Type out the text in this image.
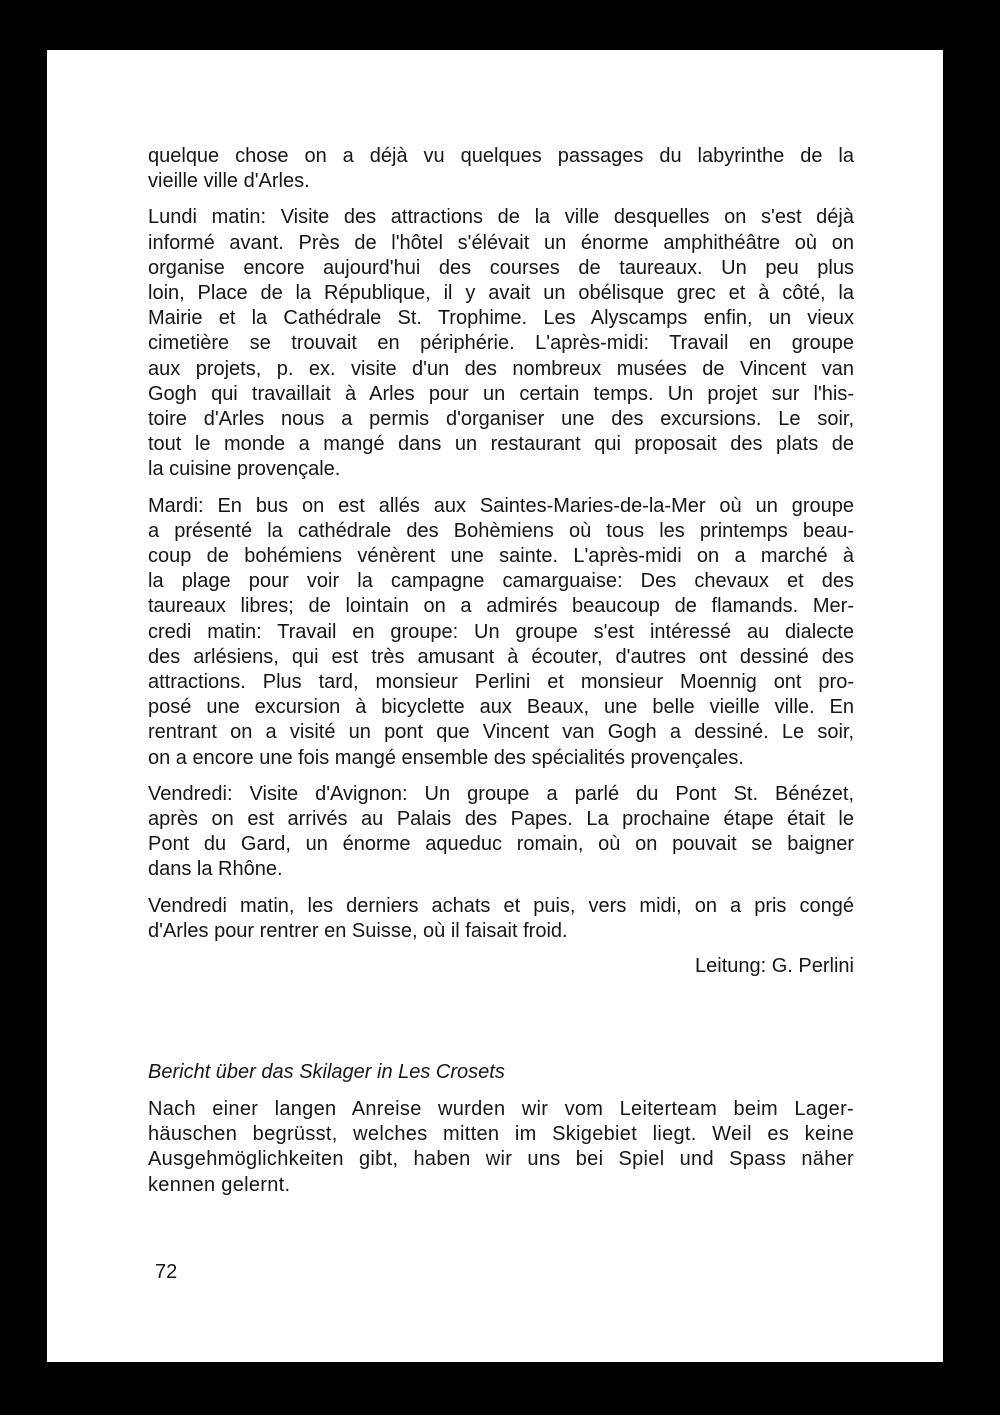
quelque chose on a déjà vu quelques passages du labyrinthe de la
vieille ville d'Arles.
Lundi matin: Visite des attractions de la ville desquelles on s'est déjà
informé avant. Près de l'hôtel s'élévait un énorme amphithéâtre où on
organise encore aujourd'hui des courses de taureaux. Un peu plus
loin, Place de la République, il y avait un obélisque grec et à côté, la
Mairie et la Cathédrale St. Trophime. Les Alyscamps enfin, un vieux
cimetière se trouvait en périphérie. L'après-midi: Travail en groupe
aux projets, p. ex. visite d'un des nombreux musées de Vincent van
Gogh qui travaillait à Arles pour un certain temps. Un projet sur l'his-
toire d'Arles nous a permis d'organiser une des excursions. Le soir,
tout le monde a mangé dans un restaurant qui proposait des plats de
la cuisine provençale.
Mardi: En bus on est allés aux Saintes-Maries-de-la-Mer où un groupe
a présenté la cathédrale des Bohèmiens où tous les printemps beau-
coup de bohémiens vénèrent une sainte. L'après-midi on a marché à
la plage pour voir la campagne camarguaise: Des chevaux et des
taureaux libres; de lointain on a admirés beaucoup de flamands. Mer-
credi matin: Travail en groupe: Un groupe s'est intéressé au dialecte
des arlésiens, qui est très amusant à écouter, d'autres ont dessiné des
attractions. Plus tard, monsieur Perlini et monsieur Moennig ont pro-
posé une excursion à bicyclette aux Beaux, une belle vieille ville. En
rentrant on a visité un pont que Vincent van Gogh a dessiné. Le soir,
on a encore une fois mangé ensemble des spécialités provençales.
Vendredi: Visite d'Avignon: Un groupe a parlé du Pont St. Bénézet,
après on est arrivés au Palais des Papes. La prochaine étape était le
Pont du Gard, un énorme aqueduc romain, où on pouvait se baigner
dans la Rhône.
Vendredi matin, les derniers achats et puis, vers midi, on a pris congé
d'Arles pour rentrer en Suisse, où il faisait froid.
Leitung: G. Perlini
Bericht über das Skilager in Les Crosets
Nach einer langen Anreise wurden wir vom Leiterteam beim Lager-
häuschen begrüsst, welches mitten im Skigebiet liegt. Weil es keine
Ausgehmöglichkeiten gibt, haben wir uns bei Spiel und Spass näher
kennen gelernt.
72
